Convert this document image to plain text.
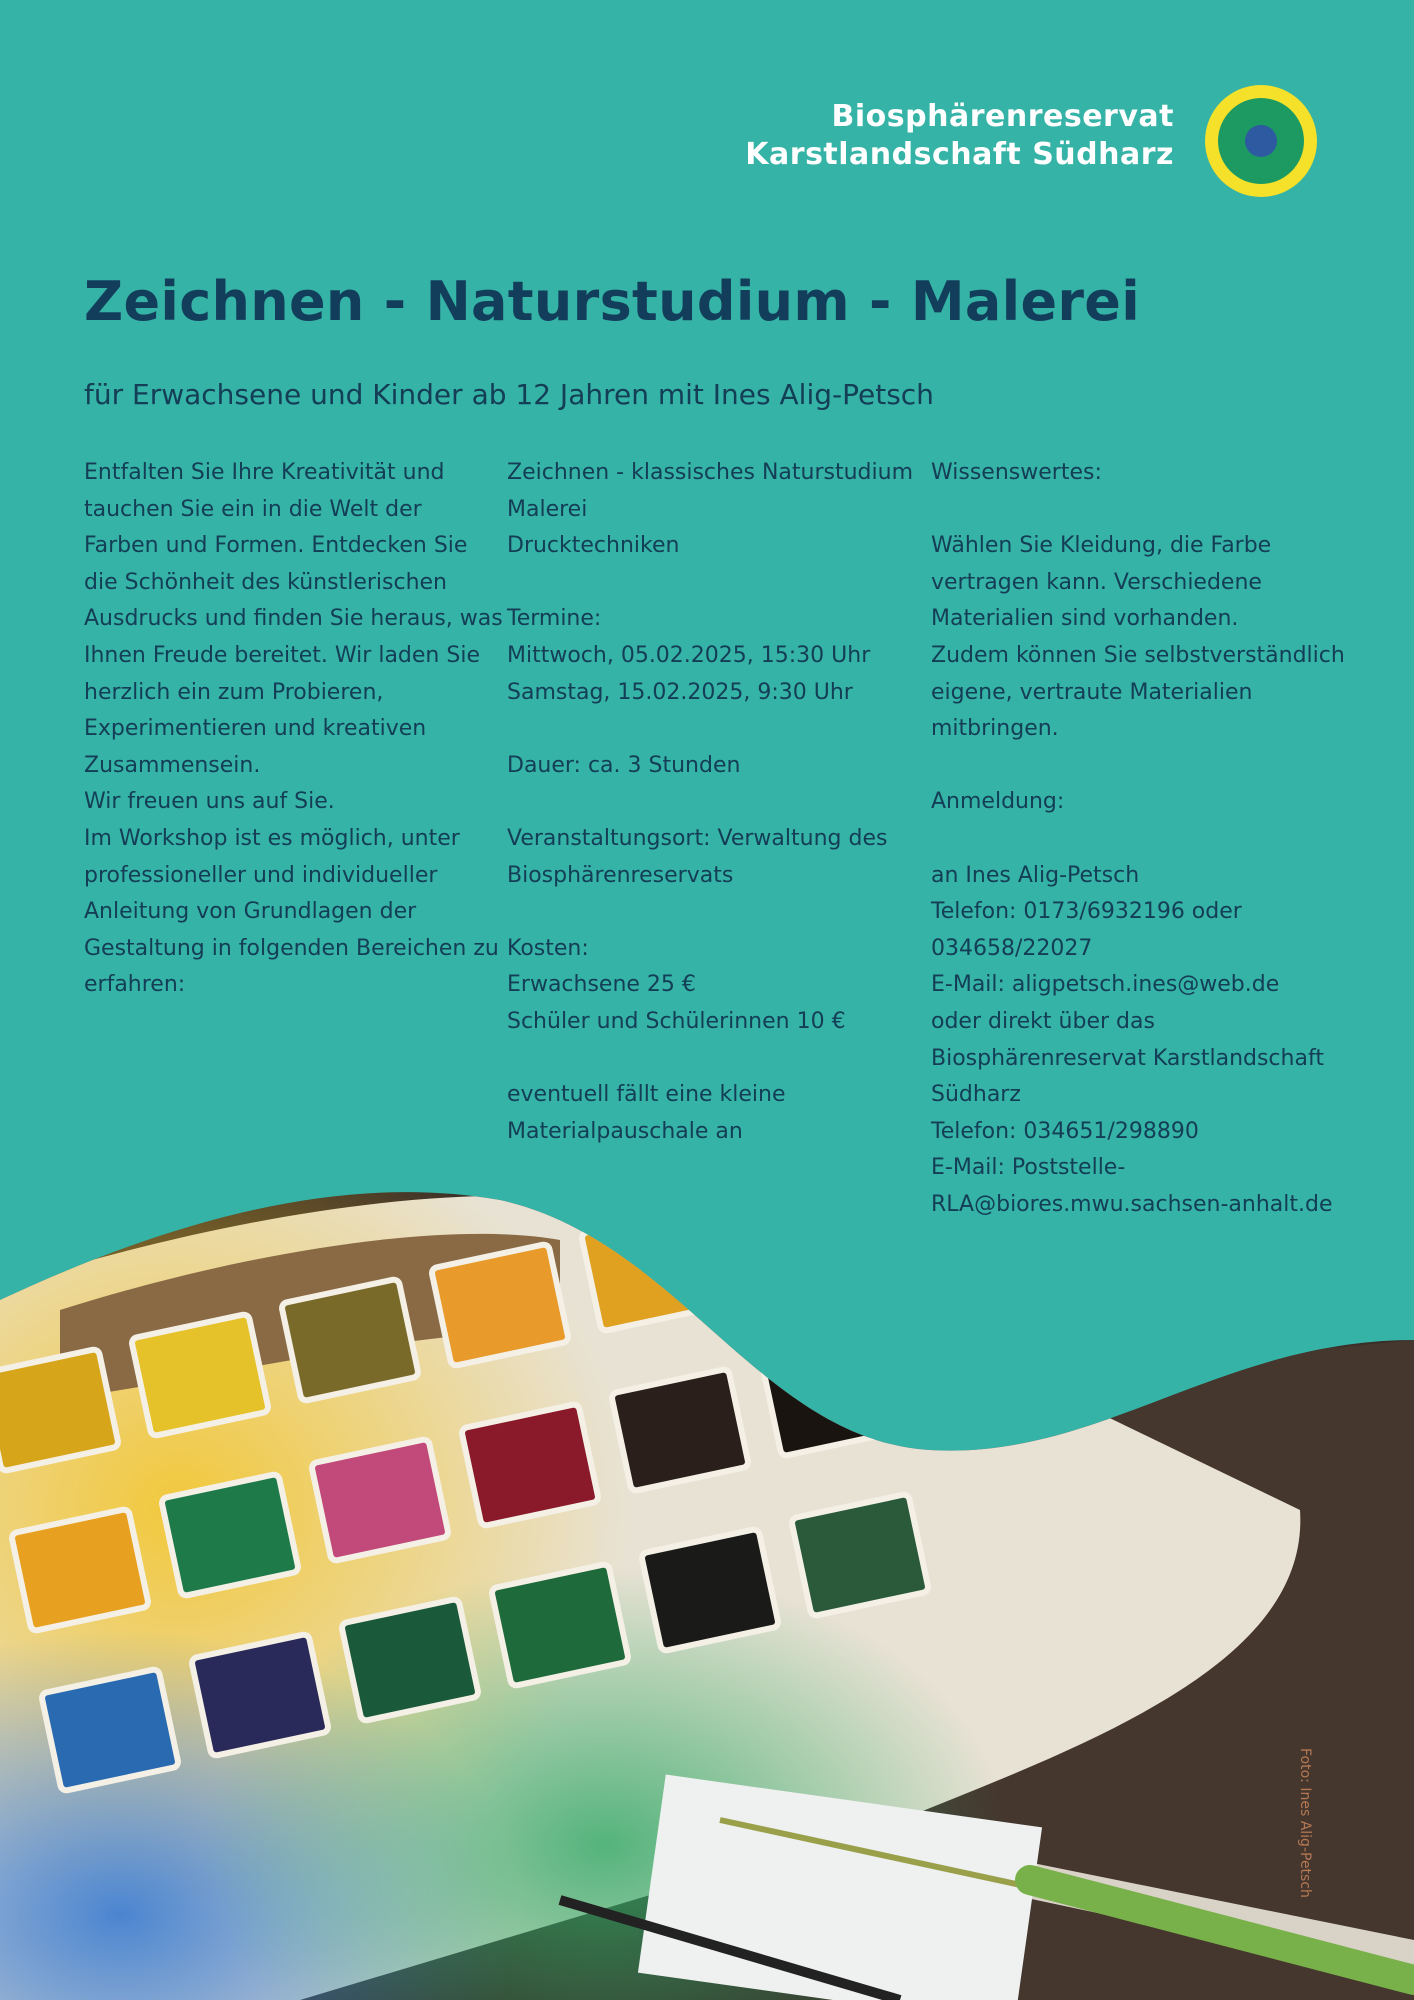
Biosphärenreservat
Karstlandschaft Südharz
Zeichnen - Naturstudium - Malerei
für Erwachsene und Kinder ab 12 Jahren mit Ines Alig-Petsch
Entfalten Sie Ihre Kreativität und
tauchen Sie ein in die Welt der
Farben und Formen. Entdecken Sie
die Schönheit des künstlerischen
Ausdrucks und finden Sie heraus, was
Ihnen Freude bereitet. Wir laden Sie
herzlich ein zum Probieren,
Experimentieren und kreativen
Zusammensein.
Wir freuen uns auf Sie.
Im Workshop ist es möglich, unter
professioneller und individueller
Anleitung von Grundlagen der
Gestaltung in folgenden Bereichen zu
erfahren:
Zeichnen - klassisches Naturstudium
Malerei
Drucktechniken
Termine:
Mittwoch, 05.02.2025, 15:30 Uhr
Samstag, 15.02.2025, 9:30 Uhr
Dauer: ca. 3 Stunden
Veranstaltungsort: Verwaltung des
Biosphärenreservats
Kosten:
Erwachsene 25 €
Schüler und Schülerinnen 10 €
eventuell fällt eine kleine
Materialpauschale an
Wissenswertes:
Wählen Sie Kleidung, die Farbe
vertragen kann. Verschiedene
Materialien sind vorhanden.
Zudem können Sie selbstverständlich
eigene, vertraute Materialien
mitbringen.
Anmeldung:
an Ines Alig-Petsch
Telefon: 0173/6932196 oder
034658/22027
E-Mail: aligpetsch.ines@web.de
oder direkt über das
Biosphärenreservat Karstlandschaft
Südharz
Telefon: 034651/298890
E-Mail: Poststelle-
RLA@biores.mwu.sachsen-anhalt.de
Foto: Ines Alig-Petsch
